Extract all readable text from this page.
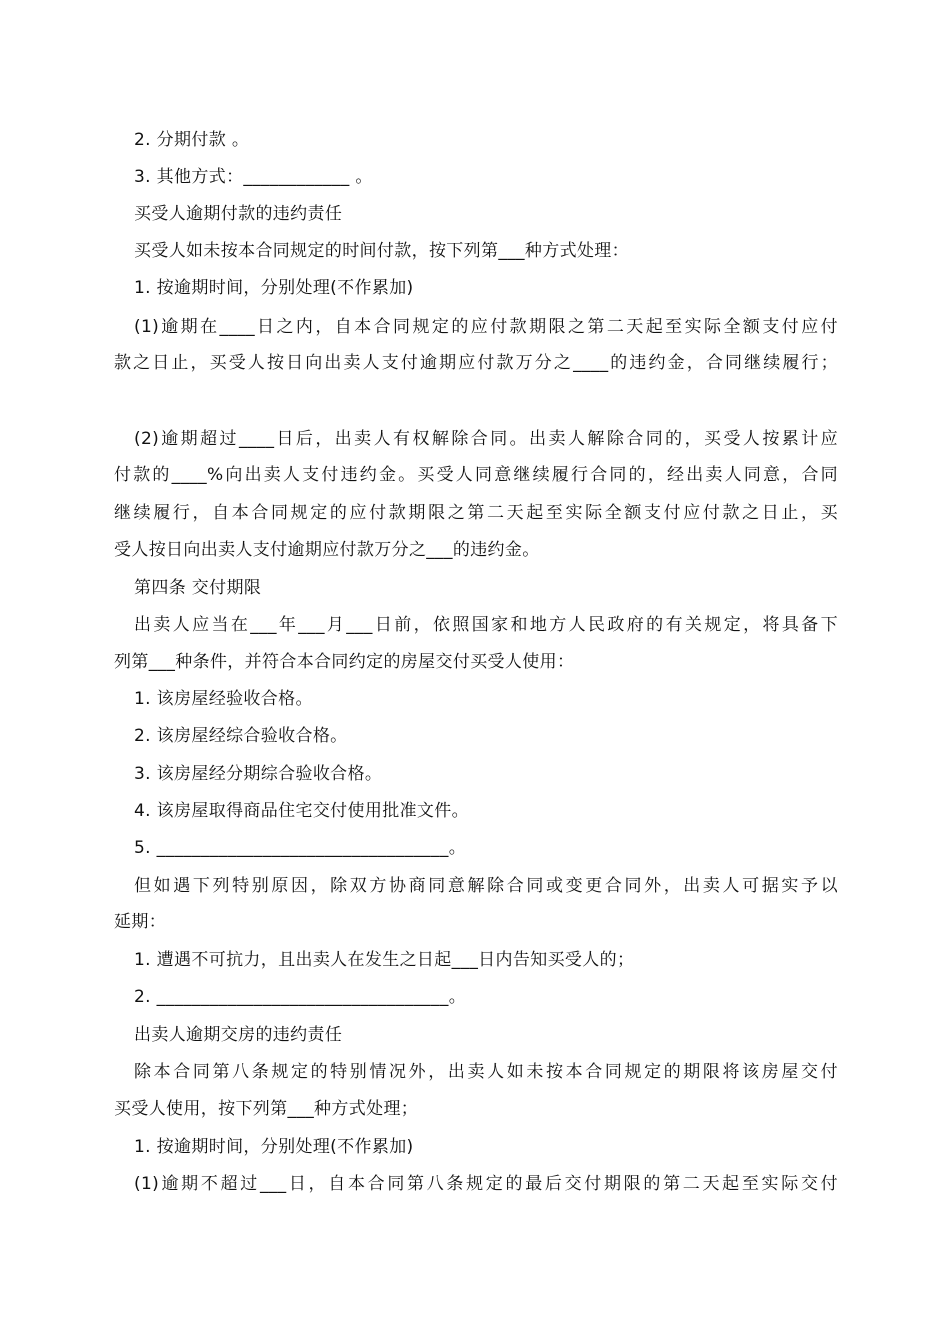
2. 分期付款 。
3. 其他方式：____________ 。
买受人逾期付款的违约责任
买受人如未按本合同规定的时间付款，按下列第___种方式处理：
1. 按逾期时间，分别处理(不作累加)
(1)逾期在____日之内，自本合同规定的应付款期限之第二天起至实际全额支付应付
款之日止，买受人按日向出卖人支付逾期应付款万分之____的违约金，合同继续履行；
(2)逾期超过____日后，出卖人有权解除合同。出卖人解除合同的，买受人按累计应
付款的____%向出卖人支付违约金。买受人同意继续履行合同的，经出卖人同意，合同
继续履行，自本合同规定的应付款期限之第二天起至实际全额支付应付款之日止，买
受人按日向出卖人支付逾期应付款万分之___的违约金。
第四条 交付期限
出卖人应当在___年___月___日前，依照国家和地方人民政府的有关规定，将具备下
列第___种条件，并符合本合同约定的房屋交付买受人使用：
1. 该房屋经验收合格。
2. 该房屋经综合验收合格。
3. 该房屋经分期综合验收合格。
4. 该房屋取得商品住宅交付使用批准文件。
5. _________________________________。
但如遇下列特别原因，除双方协商同意解除合同或变更合同外，出卖人可据实予以
延期：
1. 遭遇不可抗力，且出卖人在发生之日起___日内告知买受人的；
2. _________________________________。
出卖人逾期交房的违约责任
除本合同第八条规定的特别情况外，出卖人如未按本合同规定的期限将该房屋交付
买受人使用，按下列第___种方式处理；
1. 按逾期时间，分别处理(不作累加)
(1)逾期不超过___日，自本合同第八条规定的最后交付期限的第二天起至实际交付
